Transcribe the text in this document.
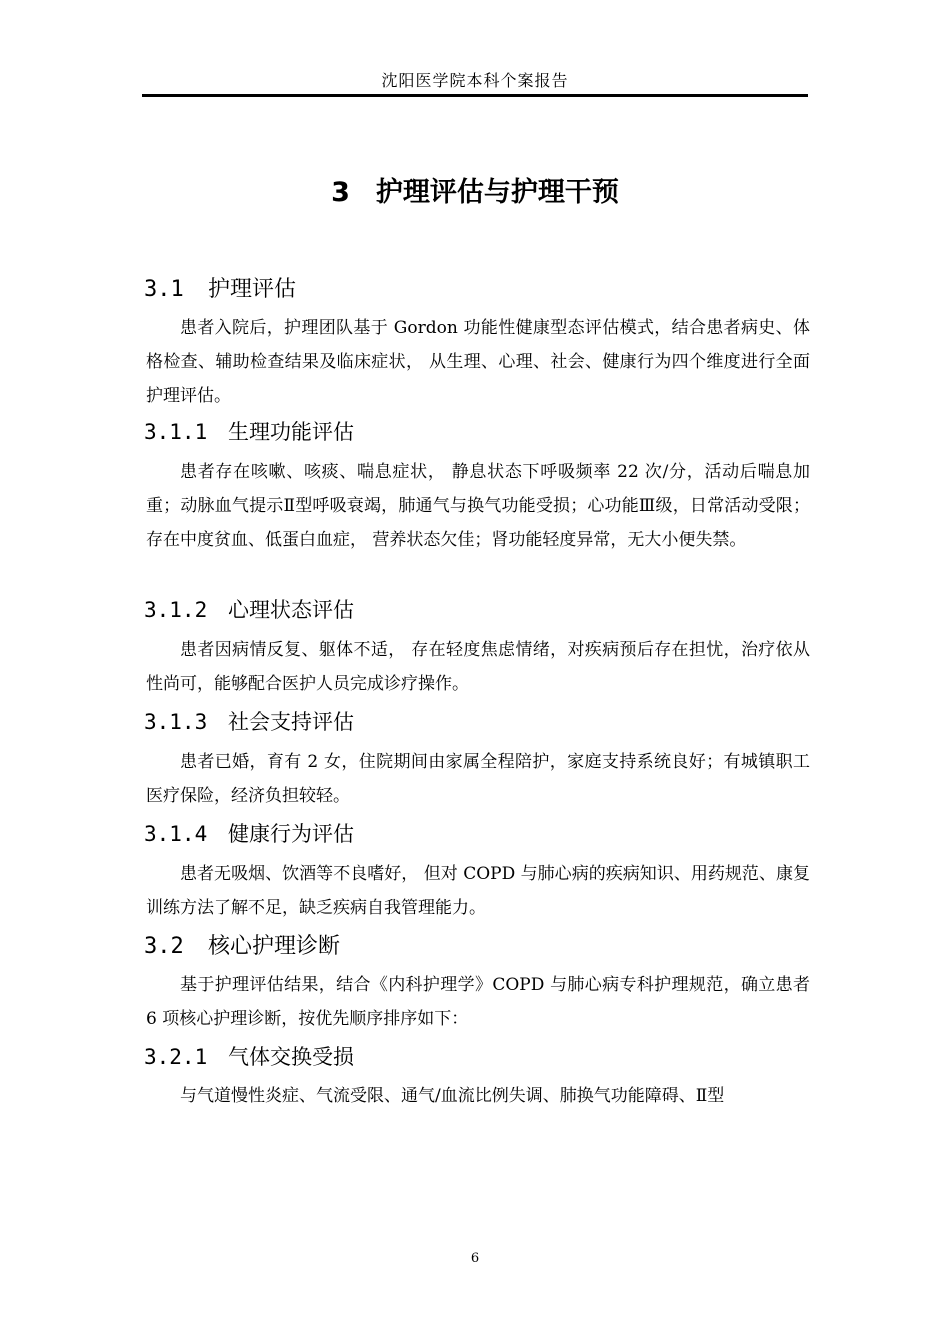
沈阳医学院本科个案报告
3 护理评估与护理干预
3.1 护理评估
患者入院后，护理团队基于 Gordon 功能性健康型态评估模式，结合患者病史、体格检查、辅助检查结果及临床症状， 从生理、心理、社会、健康行为四个维度进行全面护理评估。
3.1.1 生理功能评估
患者存在咳嗽、咳痰、喘息症状， 静息状态下呼吸频率 22 次/分，活动后喘息加重；动脉血气提示Ⅱ型呼吸衰竭，肺通气与换气功能受损；心功能Ⅲ级，日常活动受限；存在中度贫血、低蛋白血症， 营养状态欠佳；肾功能轻度异常，无大小便失禁。
3.1.2 心理状态评估
患者因病情反复、躯体不适， 存在轻度焦虑情绪，对疾病预后存在担忧，治疗依从性尚可，能够配合医护人员完成诊疗操作。
3.1.3 社会支持评估
患者已婚，育有 2 女，住院期间由家属全程陪护，家庭支持系统良好；有城镇职工医疗保险，经济负担较轻。
3.1.4 健康行为评估
患者无吸烟、饮酒等不良嗜好， 但对 COPD 与肺心病的疾病知识、用药规范、康复训练方法了解不足，缺乏疾病自我管理能力。
3.2 核心护理诊断
基于护理评估结果，结合《内科护理学》COPD 与肺心病专科护理规范，确立患者 6 项核心护理诊断，按优先顺序排序如下：
3.2.1 气体交换受损
与气道慢性炎症、气流受限、通气/血流比例失调、肺换气功能障碍、Ⅱ型
6
